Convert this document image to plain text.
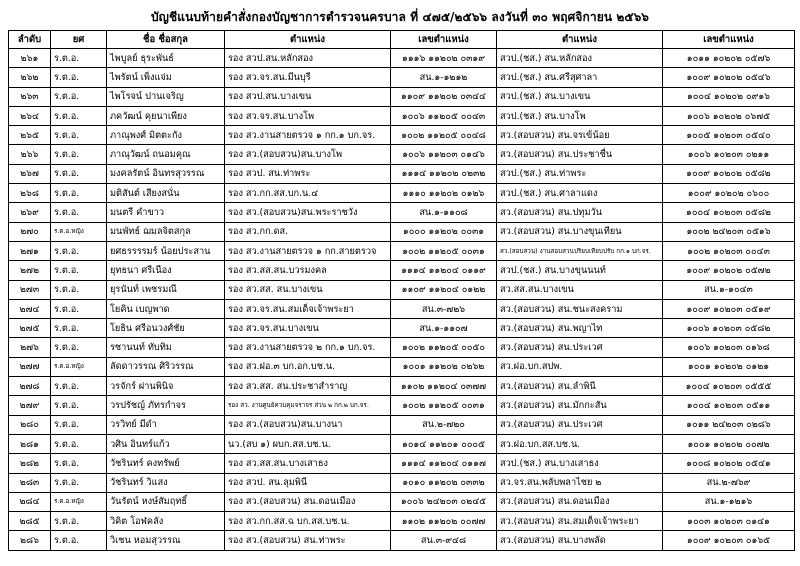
บัญชีแนบท้ายคำสั่งกองบัญชาการตำรวจนครบาล ที่ ๔๗๕/๒๕๖๖ ลงวันที่ ๓๐ พฤศจิกายน ๒๕๖๖
ลำดับ	ยศ	ชื่อ ชื่อสกุล	ตำแหน่ง	เลขตำแหน่ง	ตำแหน่ง	เลขตำแหน่ง
๒๖๑	ร.ต.อ.	ไพบูลย์ ธุระพันธ์	รอง สวป.สน.หลักสอง	๑๑๑๖ ๑๑๒๐๒ ๐๓๑๙	สวป.(ชส.) สน.หลักสอง	๑๐๑๑ ๑๐๒๐๒ ๐๕๗๖
๒๖๒	ร.ต.อ.	ไพรัตน์ เพ็งแจ่ม	รอง สว.จร.สน.มีนบุรี	สน.๑-๑๒๑๒	สวป.(ชส.) สน.ศรีสุศาลา	๑๐๐๙ ๑๐๒๐๒ ๐๕๔๖
๒๖๓	ร.ต.อ.	ไพโรจน์ ปานเจริญ	รอง สวป.สน.บางเขน	๑๑๐๙ ๑๑๒๐๒ ๐๓๔๔	สวป.(ชส.) สน.บางเขน	๑๐๐๔ ๑๐๒๐๒ ๐๙๑๖
๒๖๔	ร.ต.อ.	ภควัฒน์ คุยนาเพียง	รอง สว.จร.สน.บางโพ	๑๐๐๖ ๑๑๒๐๕ ๐๐๔๓	สวป.(ชส.) สน.บางโพ	๑๐๐๖ ๑๐๒๐๒ ๐๖๗๕
๒๖๕	ร.ต.อ.	ภาณุพงศ์ มิตตะกัง	รอง สว.งานสายตรวจ ๑ กก.๑ บก.จร.	๑๐๐๒ ๑๑๒๐๕ ๐๐๔๘	สว.(สอบสวน) สน.จรเข้น้อย	๑๐๐๕ ๑๐๒๐๓ ๐๕๔๐
๒๖๖	ร.ต.อ.	ภาณุวัฒน์ ถนอมคุณ	รอง สว.(สอบสวน)สน.บางโพ	๑๐๐๖ ๑๑๒๐๓ ๐๑๔๖	สว.(สอบสวน) สน.ประชาชื่น	๑๐๐๖ ๑๐๒๐๓ ๐๒๑๑
๒๖๗	ร.ต.อ.	มงคลรัตน์ อินทรสุวรรณ	รอง สวป. สน.ท่าพระ	๑๑๑๔ ๑๑๒๐๒ ๐๒๓๒	สวป.(ชส.) สน.ท่าพระ	๑๐๐๙ ๑๐๒๐๒ ๐๕๘๒
๒๖๘	ร.ต.อ.	มติสันต์ เสียงสนั่น	รอง สว.กก.สส.บก.น.๔	๑๑๑๐ ๑๑๒๐๒ ๐๑๒๖	สวป.(ชส.) สน.ศาลาแดง	๑๐๐๙ ๑๐๒๐๒ ๐๖๐๐
๒๖๙	ร.ต.อ.	มนตรี คำขาว	รอง สว.(สอบสวน)สน.พระราชวัง	สน.๑-๑๑๐๘	สว.(สอบสวน) สน.ปทุมวัน	๑๐๐๔ ๑๐๒๐๓ ๐๕๘๒
๒๗๐	ร.ต.อ.หญิง	มนพัทธ์ ฌมลจิตสกุล	รอง สว.กก.ดส.	๑๐๐๐ ๑๑๒๐๒ ๐๐๓๑	สว.(สอบสวน) สน.บางขุนเทียน	๑๐๐๒ ๒๔๒๐๓ ๐๕๑๖
๒๗๑	ร.ต.อ.	ยศธรรรรมร์ น้อยประสาน	รอง สว.งานสายตรวจ ๑ กก.สายตรวจ	๑๐๐๒ ๑๑๒๐๕ ๐๐๓๑	สว.(สอบสวน) งานสอบสวนปริยบเทียบปรับ กก.๑ บก.จร.	๑๐๐๒ ๑๐๒๐๓ ๐๐๔๓
๒๗๒	ร.ต.อ.	ยุทธนา ศรีเนือง	รอง สว.สส.สน.บวรมงคล	๑๑๑๔ ๑๑๒๐๔ ๐๑๑๙	สวป.(ชส.) สน.บางขุนนนท์	๑๐๐๙ ๑๐๒๐๒ ๐๕๗๒
๒๗๓	ร.ต.อ.	ยุรนันท์ เพชรมณี	รอง สว.สส. สน.บางเขน	๑๑๐๙ ๑๑๒๐๔ ๐๑๒๒	สว.สส.สน.บางเขน	สน.๑-๑๐๔๓
๒๗๔	ร.ต.อ.	โยคิน เบญพาด	รอง สว.จร.สน.สมเด็จเจ้าพระยา	สน.๓-๗๒๖	สว.(สอบสวน) สน.ชนะสงคราม	๑๐๐๙ ๑๐๒๐๓ ๐๕๑๙
๒๗๕	ร.ต.อ.	โยธิน ศรีอนวงศ์ชัย	รอง สว.จร.สน.บางเขน	สน.๑-๑๑๐๗	สว.(สอบสวน) สน.พญาไท	๑๐๐๖ ๑๐๒๐๓ ๐๕๘๒
๒๗๖	ร.ต.อ.	รชานนท์ ทับทิม	รอง สว.งานสายตรวจ ๒ กก.๑ บก.จร.	๑๐๐๒ ๑๑๒๐๕ ๐๐๕๐	สว.(สอบสวน) สน.ประเวศ	๑๐๐๖ ๑๐๒๐๓ ๐๑๖๘
๒๗๗	ร.ต.อ.หญิง	ลัดดาวรรณ ศิริวรรณ	รอง สว.ฝอ.๓ บก.อก.บช.น.	๑๐๐๑ ๑๑๒๐๒ ๐๒๖๒	สว.ฝอ.บก.สปพ.	๑๐๐๑ ๑๐๒๐๒ ๐๑๒๑
๒๗๘	ร.ต.อ.	วรจักร์ ผ่านพินิจ	รอง สว.สส. สน.ประชาสำราญ	๑๑๐๒ ๑๑๒๐๔ ๐๓๗๗	สว.(สอบสวน) สน.ลำพินี	๑๐๐๔ ๑๐๒๐๓ ๐๕๕๕
๒๗๙	ร.ต.อ.	วรปรัชญ์ ภัทรกำจร	รอง สว. งานศูนย์ควบคุมจราจร ส่วน ๒ กก.๒ บก.จร.	๑๐๐๒ ๑๑๒๐๕ ๐๐๓๑	สว.(สอบสวน) สน.มักกะสัน	๑๐๐๔ ๑๐๒๐๓ ๐๕๑๑
๒๘๐	ร.ต.อ.	วรวิทย์ มีดำ	รอง สว.(สอบสวน)สน.บางนา	สน.๒-๗๒๐	สว.(สอบสวน) สน.ประเวศ	๑๐๑๑ ๒๔๒๐๓ ๐๒๘๖
๒๘๑	ร.ต.อ.	วศิน อินทร์แก้ว	นว.(สบ ๑) ผบก.สส.บช.น.	๑๐๑๔ ๑๑๒๐๑ ๐๐๐๕	สว.ฝอ.บก.สส.บช.น.	๑๐๐๑ ๑๐๒๐๒ ๐๐๗๒
๒๘๒	ร.ต.อ.	วัชรินทร์ คงทรัพย์	รอง สว.สส.สน.บางเสาธง	๑๑๑๔ ๑๑๒๐๔ ๐๑๑๗	สวป.(ชส.) สน.บางเสาธง	๑๐๐๘ ๑๐๒๐๒ ๐๕๔๑
๒๘๓	ร.ต.อ.	วัชรินทร์ วิแสง	รอง สวป. สน.ลุมพินี	๑๐๑๐ ๑๑๒๐๒ ๐๓๓๒	สว.จร.สน.พลับพลาไชย ๒	สน.๒-๗๖๙
๒๘๔	ร.ต.อ.หญิง	วันรัตน์ หงษ์สัมฤทธิ์	รอง สว.(สอบสวน) สน.ดอนเมือง	๑๐๐๖ ๒๔๒๐๓ ๐๒๔๕	สว.(สอบสวน) สน.ดอนเมือง	สน.๑-๑๒๑๖
๒๘๕	ร.ต.อ.	วิคิต โอฬคลัง	รอง สว.กก.สส.ฉ บก.สส.บช.น.	๑๑๐๒ ๑๑๒๐๒ ๐๐๗๗	สว.(สอบสวน) สน.สมเด็จเจ้าพระยา	๑๐๐๓ ๑๐๒๐๓ ๐๑๔๑
๒๘๖	ร.ต.อ.	วิเชน หอมสุวรรณ	รอง สว.(สอบสวน) สน.ท่าพระ	สน.๓-๙๔๘	สว.(สอบสวน) สน.บางพลัด	๑๐๐๙ ๑๐๒๐๓ ๐๑๖๕
